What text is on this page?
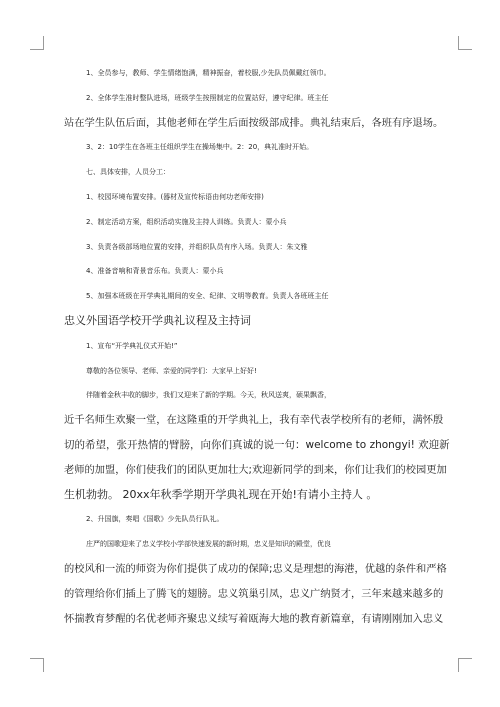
1、全员参与，教师、学生情绪饱满，精神振奋，着校服,少先队员佩戴红领巾。
2、全体学生准时整队进场，班级学生按照制定的位置站好，遵守纪律。班主任
站在学生队伍后面，其他老师在学生后面按级部成排。典礼结束后，各班有序退场。
3、2：10学生在各班主任组织学生在操场集中。2：20，典礼准时开始。
七、具体安排，人员分工：
1、校园环境布置安排。(器材及宣传标语由何功老师安排)
2、制定活动方案，组织活动实施及主持人训练。负责人：蒙小兵
3、负责各级部场地位置的安排，并组织队员有序入场。负责人：朱文雅
4、准备音响和背景音乐布。负责人：蒙小兵
5、加强本班级在开学典礼期间的安全、纪律、文明等教育。负责人各班班主任
忠义外国语学校开学典礼议程及主持词
1、宣布“开学典礼仪式开始!”
尊敬的各位领导、老师、亲爱的同学们：大家早上好好!
伴随着金秋丰收的脚步，我们又迎来了新的学期。今天，秋风送爽，硕果飘香，
近千名师生欢聚一堂，在这隆重的开学典礼上，我有幸代表学校所有的老师，满怀殷
切的希望，张开热情的臂膀，向你们真诚的说一句：welcome to zhongyi! 欢迎新
老师的加盟，你们使我们的团队更加壮大;欢迎新同学的到来，你们让我们的校园更加
生机勃勃。 20xx年秋季学期开学典礼现在开始!有请小主持人 。
2、升国旗，奏唱《国歌》少先队员行队礼。
庄严的国歌迎来了忠义学校小学部快速发展的新时期，忠义是知识的殿堂，优良
的校风和一流的师资为你们提供了成功的保障;忠义是理想的海港，优越的条件和严格
的管理给你们插上了腾飞的翅膀。忠义筑巢引凤，忠义广纳贤才，三年来越来越多的
怀揣教育梦醒的名优老师齐聚忠义续写着瓯海大地的教育新篇章，有请刚刚加入忠义
